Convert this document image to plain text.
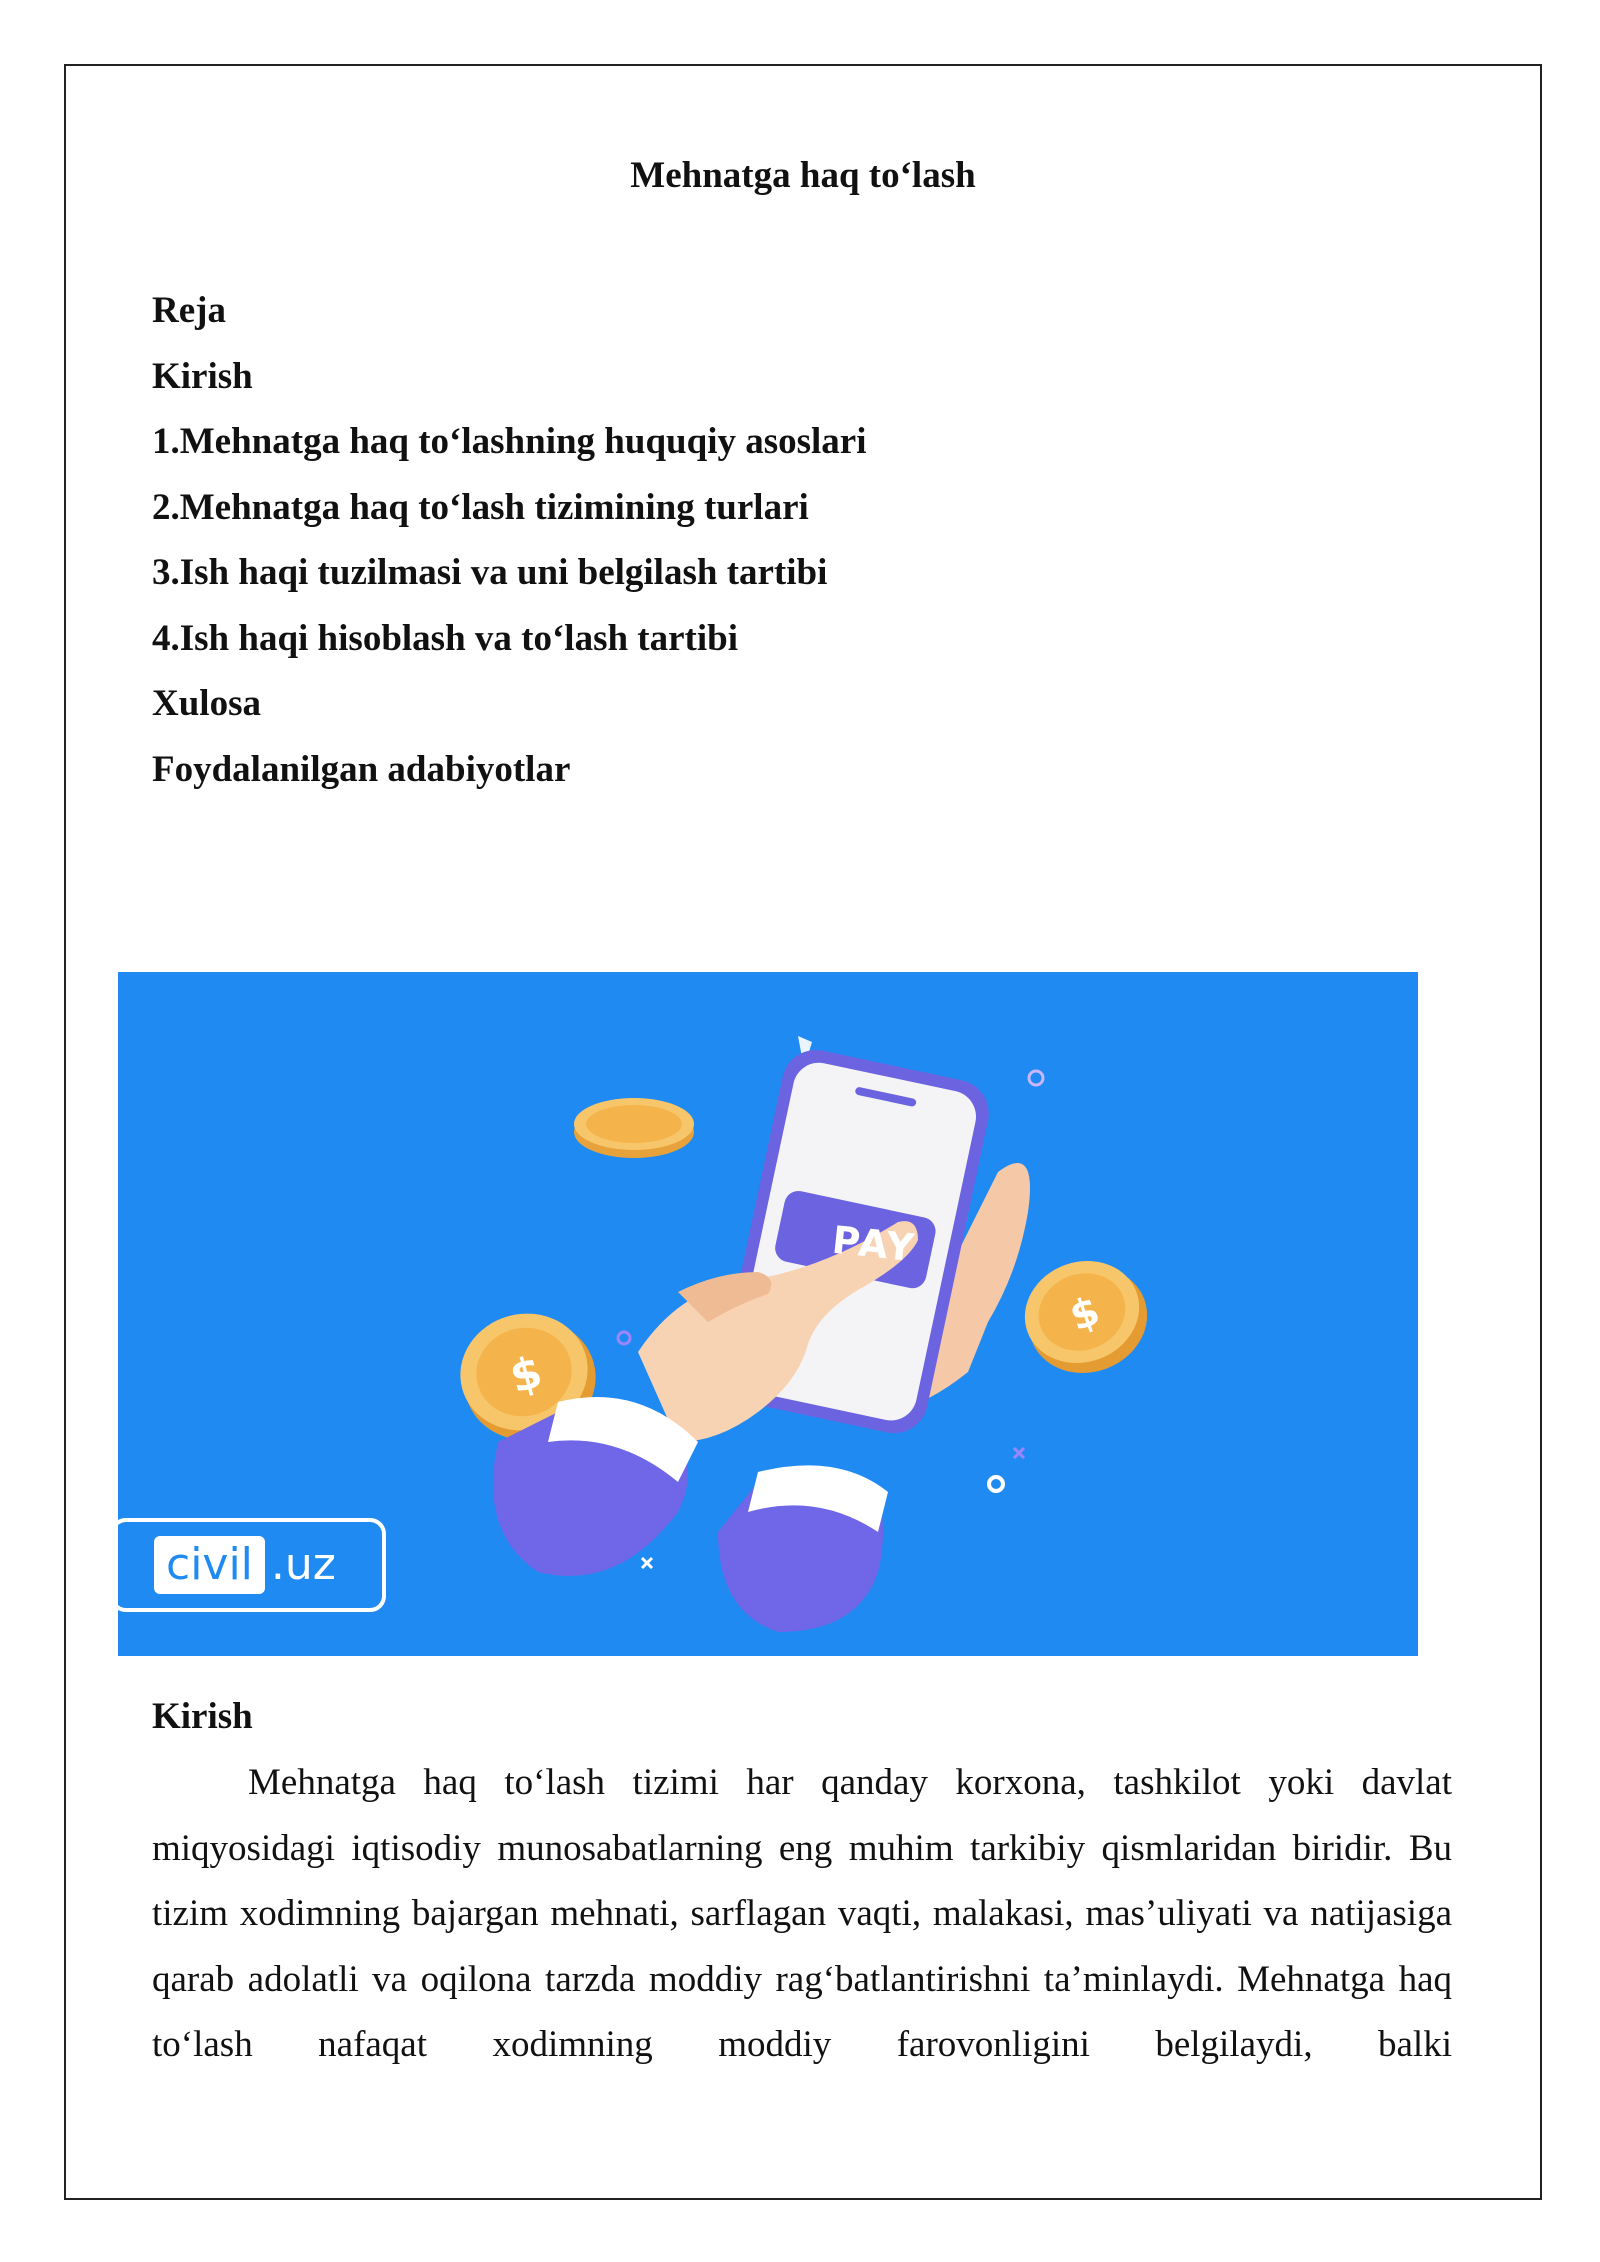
Mehnatga haq to‘lash
Reja
Kirish
1.Mehnatga haq to‘lashning huquqiy asoslari
2.Mehnatga haq to‘lash tizimining turlari
3.Ish haqi tuzilmasi va uni belgilash tartibi
4.Ish haqi hisoblash va to‘lash tartibi
Xulosa
Foydalanilgan adabiyotlar
$
$
PAY
civil .uz
Kirish

Mehnatga haq to‘lash tizimi har qanday korxona, tashkilot yoki davlat miqyosidagi iqtisodiy munosabatlarning eng muhim tarkibiy qismlaridan biridir. Bu tizim xodimning bajargan mehnati, sarflagan vaqti, malakasi, mas’uliyati va natijasiga qarab adolatli va oqilona tarzda moddiy rag‘batlantirishni ta’minlaydi. Mehnatga haq to‘lash nafaqat xodimning moddiy farovonligini belgilaydi, balki
